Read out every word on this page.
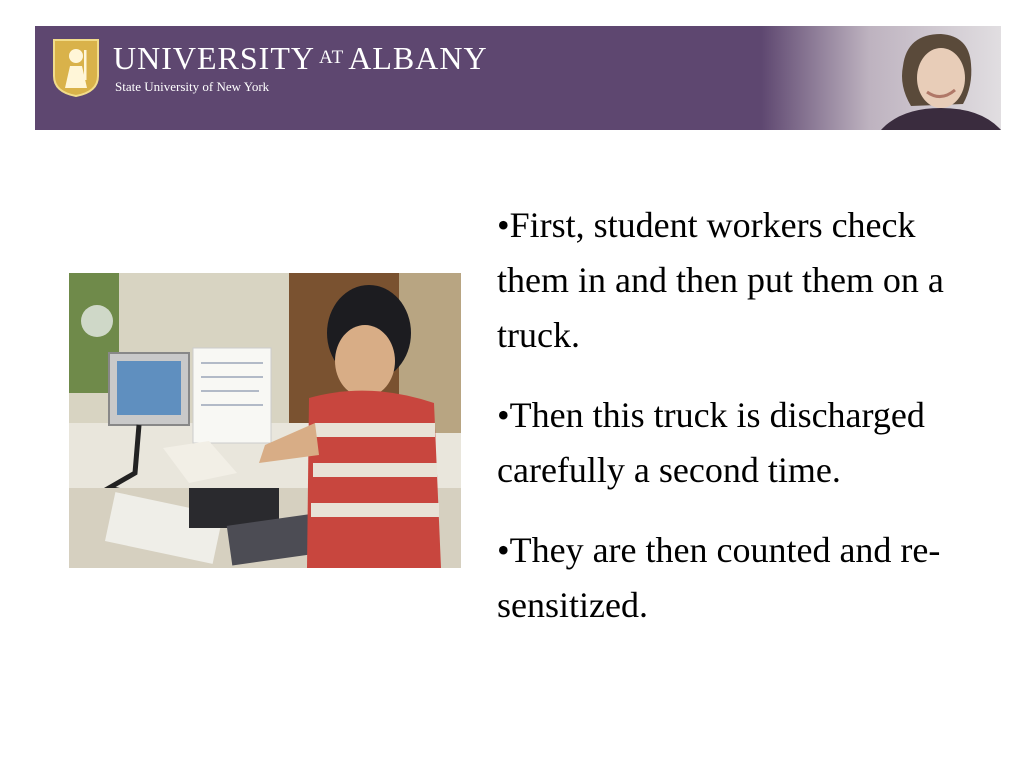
UNIVERSITY AT ALBANY
State University of New York
•First, student workers check them in and then put them on a truck.
•Then this truck is discharged carefully a second time.
•They are then counted and re-sensitized.
